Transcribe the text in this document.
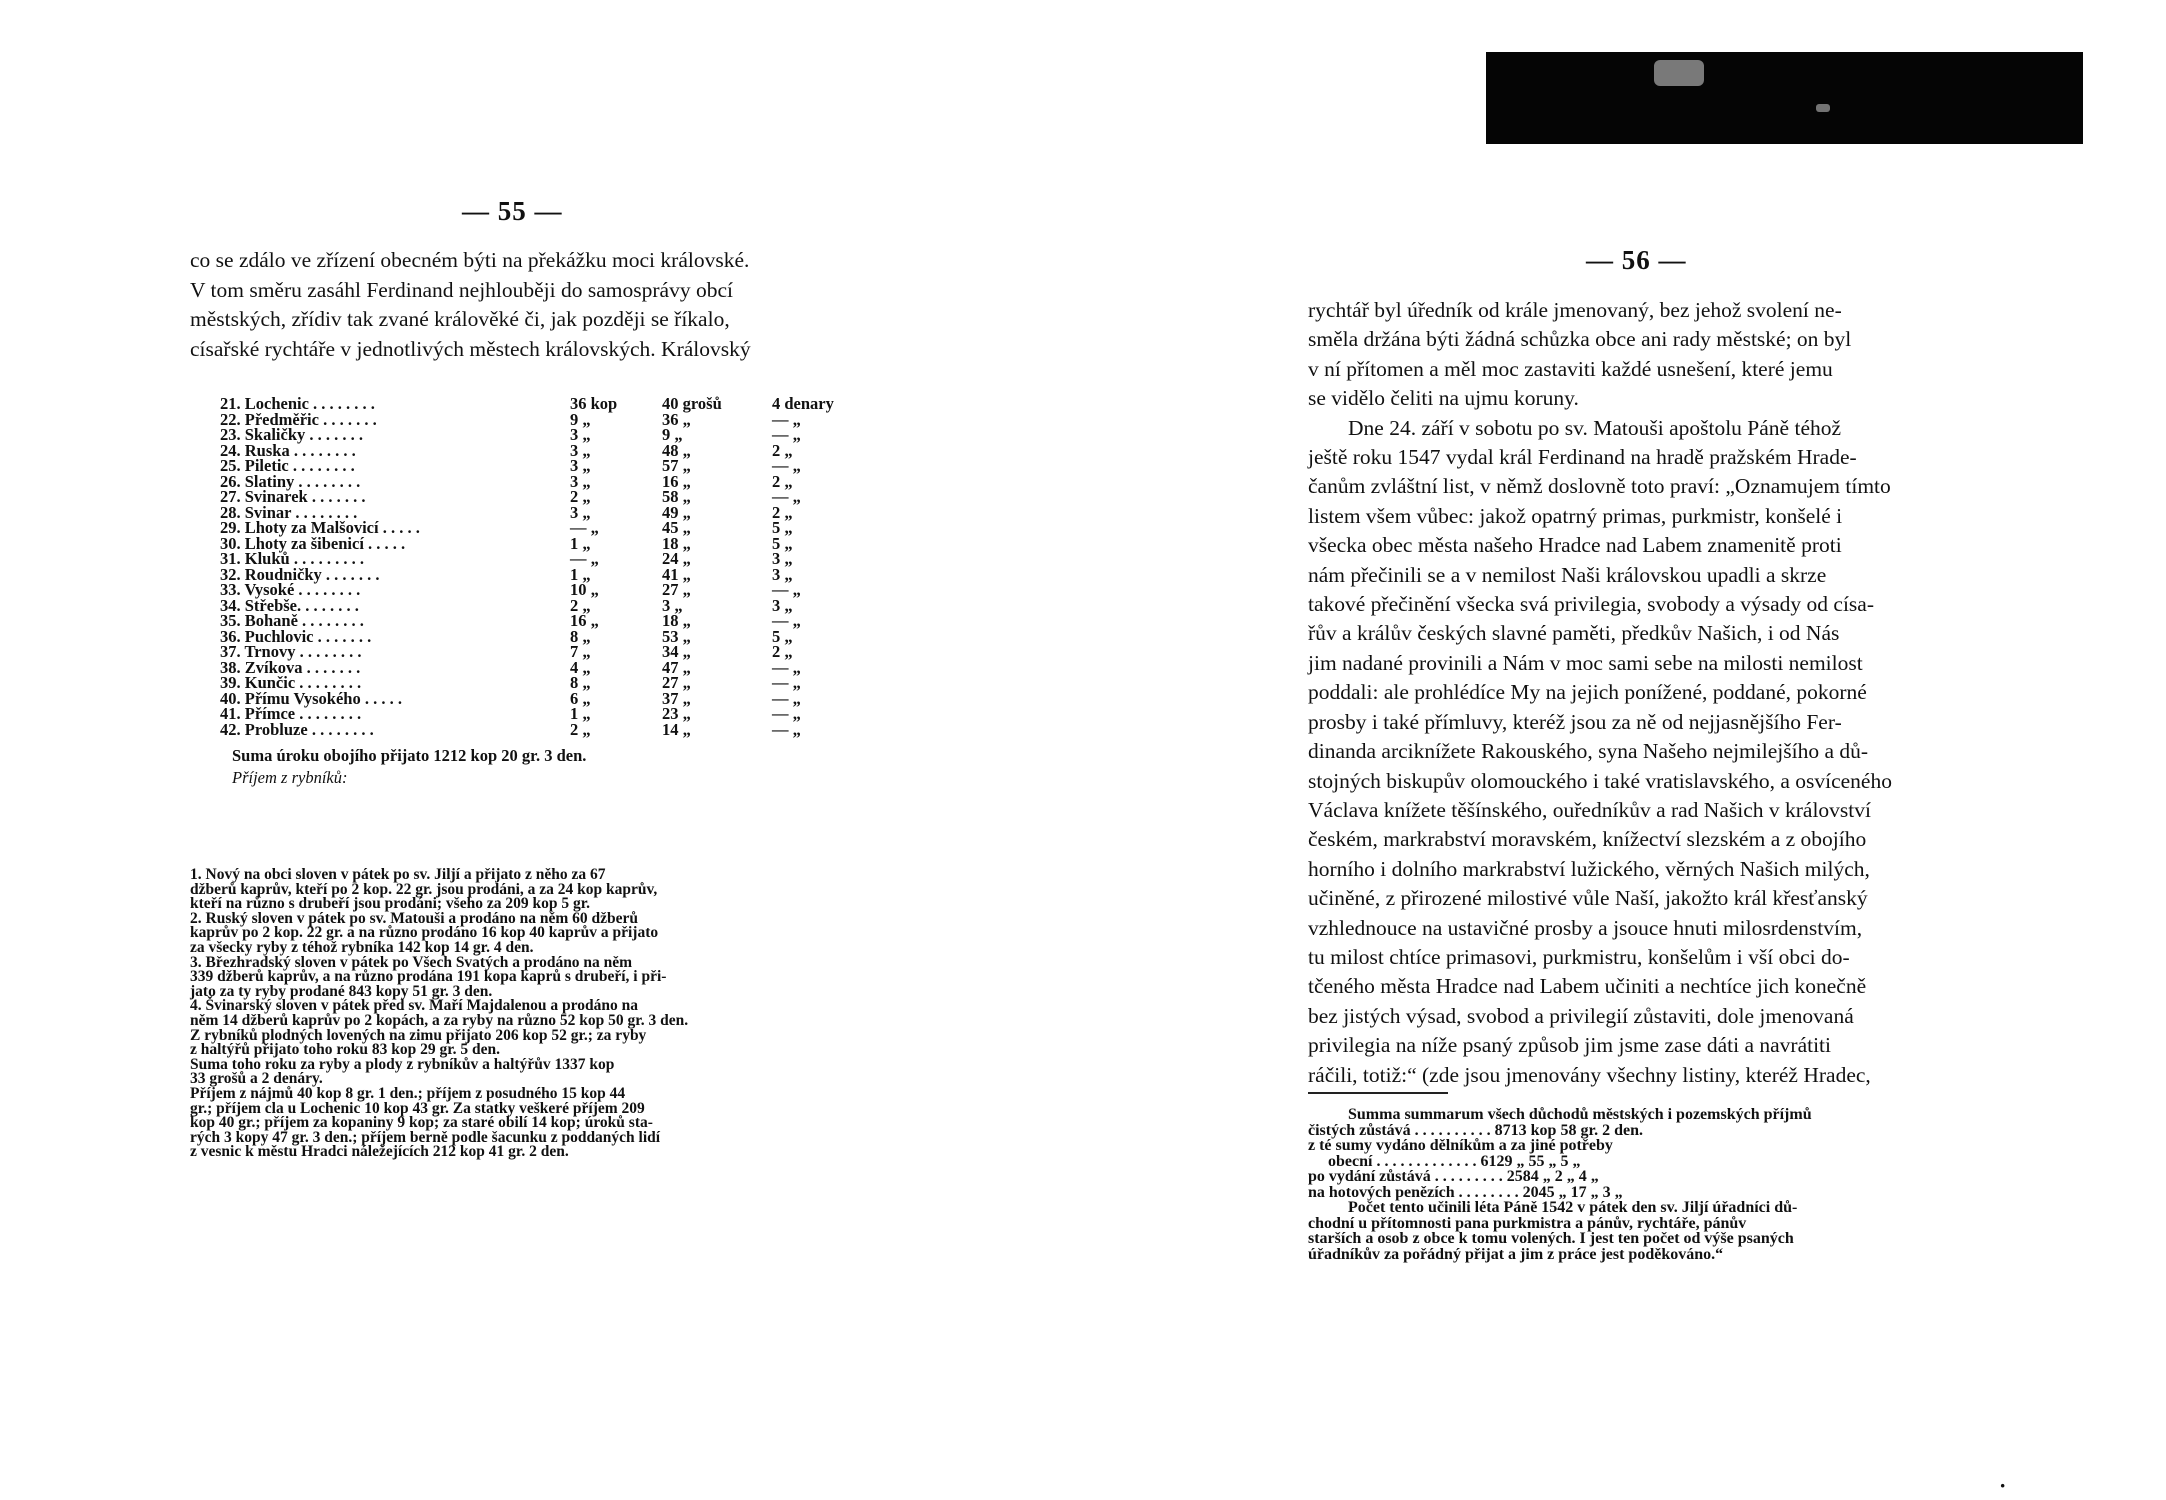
— 55 —
co se zdálo ve zřízení obecném býti na překážku moci královské.
V tom směru zasáhl Ferdinand nejhlouběji do samosprávy obcí
městských, zřídiv tak zvané králověké či, jak později se říkalo,
císařské rychtáře v jednotlivých městech královských. Královský
21. Lochenic . . . . . . . .	36 kop	40 grošů	4 denary
22. Předměřic . . . . . . .	9 „	36 „	— „
23. Skaličky . . . . . . .	3 „	9 „	— „
24. Ruska . . . . . . . .	3 „	48 „	2 „
25. Piletic . . . . . . . .	3 „	57 „	— „
26. Slatiny . . . . . . . .	3 „	16 „	2 „
27. Svinarek . . . . . . .	2 „	58 „	— „
28. Svinar . . . . . . . .	3 „	49 „	2 „
29. Lhoty za Malšovicí . . . . .	— „	45 „	5 „
30. Lhoty za šibenicí . . . . .	1 „	18 „	5 „
31. Kluků . . . . . . . . .	— „	24 „	3 „
32. Roudničky . . . . . . .	1 „	41 „	3 „
33. Vysoké . . . . . . . .	10 „	27 „	— „
34. Střebše. . . . . . . .	2 „	3 „	3 „
35. Bohaně . . . . . . . .	16 „	18 „	— „
36. Puchlovic . . . . . . .	8 „	53 „	5 „
37. Trnovy . . . . . . . .	7 „	34 „	2 „
38. Zvíkova . . . . . . .	4 „	47 „	— „
39. Kunčic . . . . . . . .	8 „	27 „	— „
40. Přímu Vysokého . . . . .	6 „	37 „	— „
41. Přímce . . . . . . . .	1 „	23 „	— „
42. Probluze . . . . . . . .	2 „	14 „	— „
Suma úroku obojího přijato 1212 kop 20 gr. 3 den.
Příjem z rybníků:
1. Nový na obci sloven v pátek po sv. Jiljí a přijato z něho za 67
džberů kaprův, kteří po 2 kop. 22 gr. jsou prodáni, a za 24 kop kaprův,
kteří na různo s drubeří jsou prodáni; všeho za 209 kop 5 gr.
2. Ruský sloven v pátek po sv. Matouši a prodáno na něm 60 džberů
kaprův po 2 kop. 22 gr. a na různo prodáno 16 kop 40 kaprův a přijato
za všecky ryby z téhož rybníka 142 kop 14 gr. 4 den.
3. Březhradský sloven v pátek po Všech Svatých a prodáno na něm
339 džberů kaprův, a na různo prodána 191 kopa kaprů s drubeří, i při-
jato za ty ryby prodané 843 kopy 51 gr. 3 den.
4. Švinarský sloven v pátek před sv. Maří Majdalenou a prodáno na
něm 14 džberů kaprův po 2 kopách, a za ryby na různo 52 kop 50 gr. 3 den.
Z rybníků plodných lovených na zimu přijato 206 kop 52 gr.; za ryby
z haltýřů přijato toho roku 83 kop 29 gr. 5 den.
Suma toho roku za ryby a plody z rybníkův a haltýřův 1337 kop
33 grošů a 2 denáry.
Příjem z nájmů 40 kop 8 gr. 1 den.; příjem z posudného 15 kop 44
gr.; příjem cla u Lochenic 10 kop 43 gr. Za statky veškeré příjem 209
kop 40 gr.; příjem za kopaniny 9 kop; za staré obilí 14 kop; úroků sta-
rých 3 kopy 47 gr. 3 den.; příjem berně podle šacunku z poddaných lidí
z vesnic k městu Hradci náležejících 212 kop 41 gr. 2 den.
— 56 —
rychtář byl úředník od krále jmenovaný, bez jehož svolení ne-
směla držána býti žádná schůzka obce ani rady městské; on byl
v ní přítomen a měl moc zastaviti každé usnešení, které jemu
se vidělo čeliti na ujmu koruny.
Dne 24. září v sobotu po sv. Matouši apoštolu Páně téhož
ještě roku 1547 vydal král Ferdinand na hradě pražském Hrade-
čanům zvláštní list, v němž doslovně toto praví: „Oznamujem tímto
listem všem vůbec: jakož opatrný primas, purkmistr, konšelé i
všecka obec města našeho Hradce nad Labem znamenitě proti
nám přečinili se a v nemilost Naši královskou upadli a skrze
takové přečinění všecka svá privilegia, svobody a výsady od císa-
řův a králův českých slavné paměti, předkův Našich, i od Nás
jim nadané provinili a Nám v moc sami sebe na milosti nemilost
poddali: ale prohlédíce My na jejich ponížené, poddané, pokorné
prosby i také přímluvy, kteréž jsou za ně od nejjasnějšího Fer-
dinanda arciknížete Rakouského, syna Našeho nejmilejšího a dů-
stojných biskupův olomouckého i také vratislavského, a osvíceného
Václava knížete těšínského, ouředníkův a rad Našich v království
českém, markrabství moravském, knížectví slezském a z obojího
horního i dolního markrabství lužického, věrných Našich milých,
učiněné, z přirozené milostivé vůle Naší, jakožto král křesťanský
vzhlednouce na ustavičné prosby a jsouce hnuti milosrdenstvím,
tu milost chtíce primasovi, purkmistru, konšelům i vší obci do-
tčeného města Hradce nad Labem učiniti a nechtíce jich konečně
bez jistých výsad, svobod a privilegií zůstaviti, dole jmenovaná
privilegia na níže psaný způsob jim jsme zase dáti a navrátiti
ráčili, totiž:“ (zde jsou jmenovány všechny listiny, kteréž Hradec,
Summa summarum všech důchodů městských i pozemských příjmů
čistých zůstává . . . . . . . . . . 8713 kop 58 gr. 2 den.
z té sumy vydáno dělníkům a za jiné potřeby
obecní . . . . . . . . . . . . . 6129 „ 55 „ 5 „
po vydání zůstává . . . . . . . . . 2584 „ 2 „ 4 „
na hotových penězích . . . . . . . . 2045 „ 17 „ 3 „
Počet tento učinili léta Páně 1542 v pátek den sv. Jiljí úřadníci dů-
chodní u přítomnosti pana purkmistra a pánův, rychtáře, pánův
starších a osob z obce k tomu volených. I jest ten počet od výše psaných
úřadníkův za pořádný přijat a jim z práce jest poděkováno.“
·
